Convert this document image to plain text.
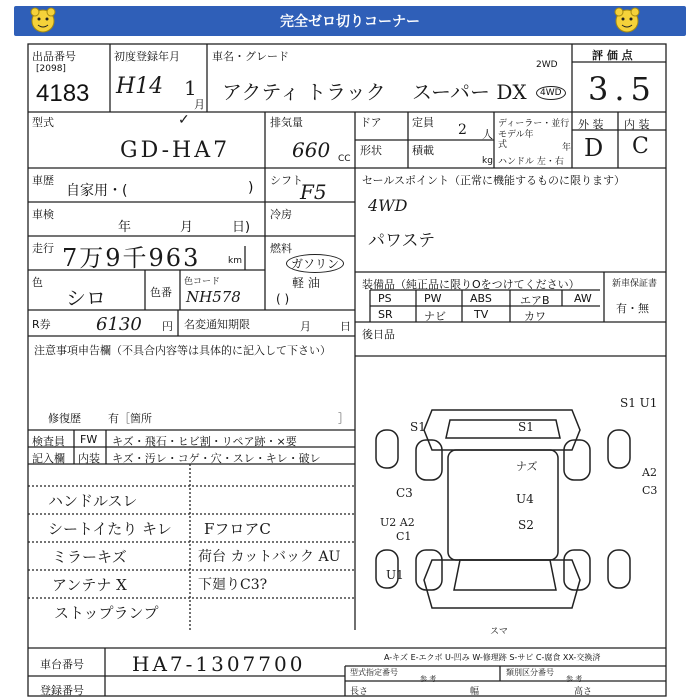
完全ゼロ切りコーナー
出品番号
[2098]
4183
初度登録年月
H14 1
月
車名・グレード
アクティ トラック スーパー DX
2WD
4WD
評 価 点
3.5
型式	✓
GD-HA7
排気量
660 CC
ドア
形状
定員 2 人
積載
kg
ディーラー・並行
モデル年式	年
ハンドル 左・右
外 装 内 装
D C
車歴
自家用・(	)
車検
年	月	日)
走行 7万9千963	km
色
シロ	色番
色コード
NH578
R券	6130 円 名変通知期限	月	日
シフト
F5
冷房
燃料
ガソリン
軽 油
( )
セールスポイント（正常に機能するものに限ります）
4WD
パワステ
装備品（純正品に限りOをつけてください）
PS	PW	ABS	エアB AW
SR	ナビ	TV	カワ
新車保証書
有・無
後日品
注意事項申告欄（不具合内容等は具体的に記入して下さい）
修復歴 有［箇所	］
検査員
記入欄
FW
内装
キズ・飛石・ヒビ割・リペア跡・×要
キズ・汚レ・コゲ・穴・スレ・キレ・破レ
ハンドルスレ
シートイたり キレ
ミラーキズ
アンテナ X
ストップランプ
FフロアC
荷台 カットバック AU
下廻りC3?
S1
S1 U1
S1
ナズ
C3	U4
S2
U2 A2
C1
A2
C3
U1
スマ
A-キズ E-エクボ U-凹み W-修理跡 S-サビ C-腐食 XX-交換済
車台番号 HA7-1307700
登録番号
型式指定番号
参 考
類別区分番号
参 考
長さ	幅	高さ
